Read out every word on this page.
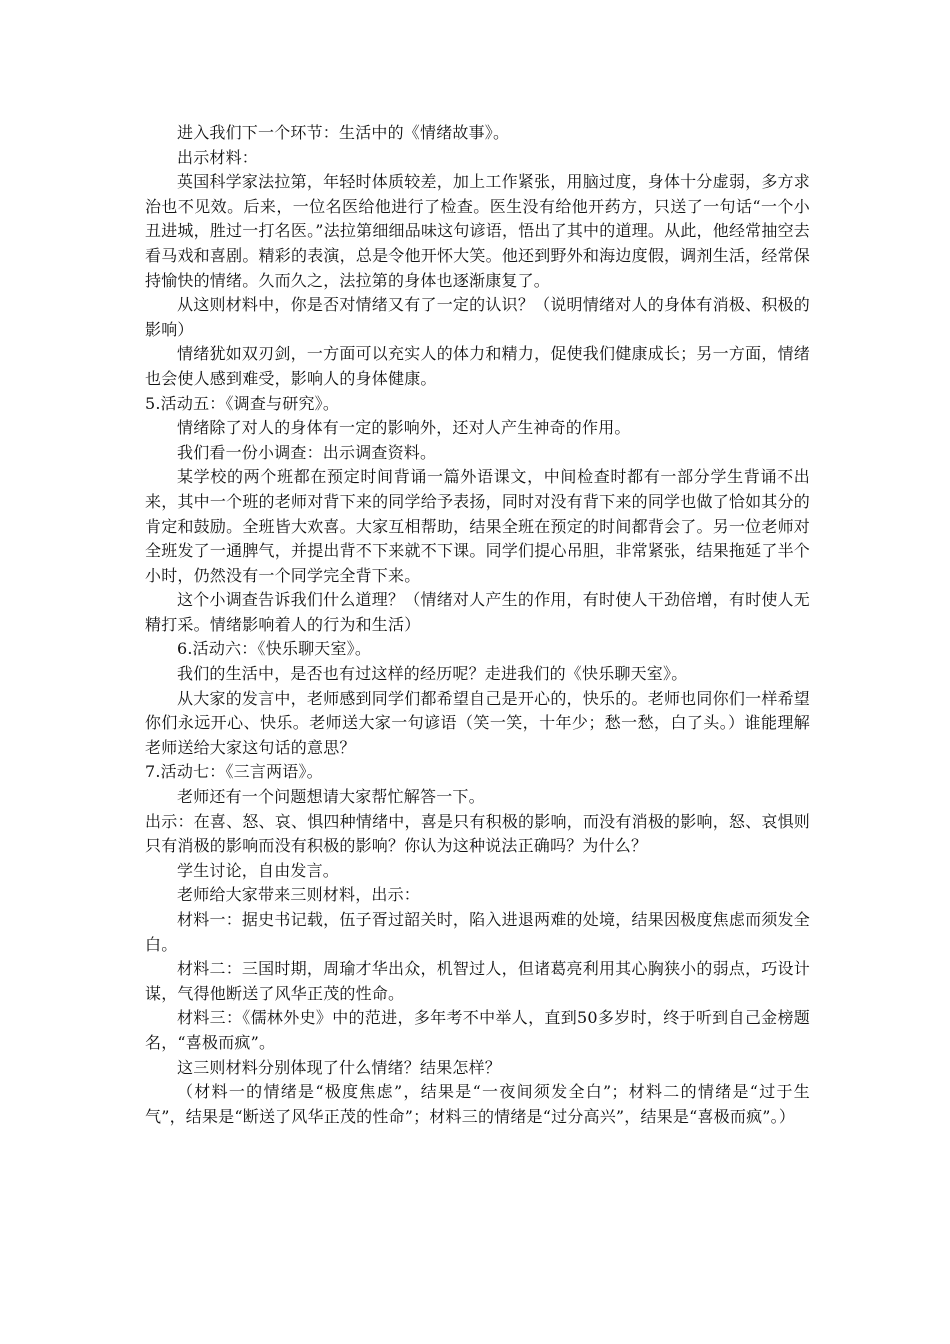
进入我们下一个环节：生活中的《情绪故事》。

出示材料：

英国科学家法拉第，年轻时体质较差，加上工作紧张，用脑过度，身体十分虚弱，多方求治也不见效。后来，一位名医给他进行了检查。医生没有给他开药方，只送了一句话“一个小丑进城，胜过一打名医。”法拉第细细品味这句谚语，悟出了其中的道理。从此，他经常抽空去看马戏和喜剧。精彩的表演，总是令他开怀大笑。他还到野外和海边度假，调剂生活，经常保持愉快的情绪。久而久之，法拉第的身体也逐渐康复了。

从这则材料中，你是否对情绪又有了一定的认识？（说明情绪对人的身体有消极、积极的影响）

情绪犹如双刃剑，一方面可以充实人的体力和精力，促使我们健康成长；另一方面，情绪也会使人感到难受，影响人的身体健康。

5.活动五：《调查与研究》。

情绪除了对人的身体有一定的影响外，还对人产生神奇的作用。

我们看一份小调查：出示调查资料。

某学校的两个班都在预定时间背诵一篇外语课文，中间检查时都有一部分学生背诵不出来，其中一个班的老师对背下来的同学给予表扬，同时对没有背下来的同学也做了恰如其分的肯定和鼓励。全班皆大欢喜。大家互相帮助，结果全班在预定的时间都背会了。另一位老师对全班发了一通脾气，并提出背不下来就不下课。同学们提心吊胆，非常紧张，结果拖延了半个小时，仍然没有一个同学完全背下来。

这个小调查告诉我们什么道理？（情绪对人产生的作用，有时使人干劲倍增，有时使人无精打采。情绪影响着人的行为和生活）

6.活动六：《快乐聊天室》。

我们的生活中，是否也有过这样的经历呢？走进我们的《快乐聊天室》。

从大家的发言中，老师感到同学们都希望自己是开心的，快乐的。老师也同你们一样希望你们永远开心、快乐。老师送大家一句谚语（笑一笑，十年少；愁一愁，白了头。）谁能理解老师送给大家这句话的意思？

7.活动七：《三言两语》。

老师还有一个问题想请大家帮忙解答一下。

出示：在喜、怒、哀、惧四种情绪中，喜是只有积极的影响，而没有消极的影响，怒、哀惧则只有消极的影响而没有积极的影响？你认为这种说法正确吗？为什么？

学生讨论，自由发言。

老师给大家带来三则材料，出示：

材料一：据史书记载，伍子胥过韶关时，陷入进退两难的处境，结果因极度焦虑而须发全白。

材料二：三国时期，周瑜才华出众，机智过人，但诸葛亮利用其心胸狭小的弱点，巧设计谋，气得他断送了风华正茂的性命。

材料三：《儒林外史》中的范进，多年考不中举人，直到50多岁时，终于听到自己金榜题名，“喜极而疯”。

这三则材料分别体现了什么情绪？结果怎样？

（材料一的情绪是“极度焦虑”，结果是“一夜间须发全白”；材料二的情绪是“过于生气”，结果是“断送了风华正茂的性命”；材料三的情绪是“过分高兴”，结果是“喜极而疯”。）
